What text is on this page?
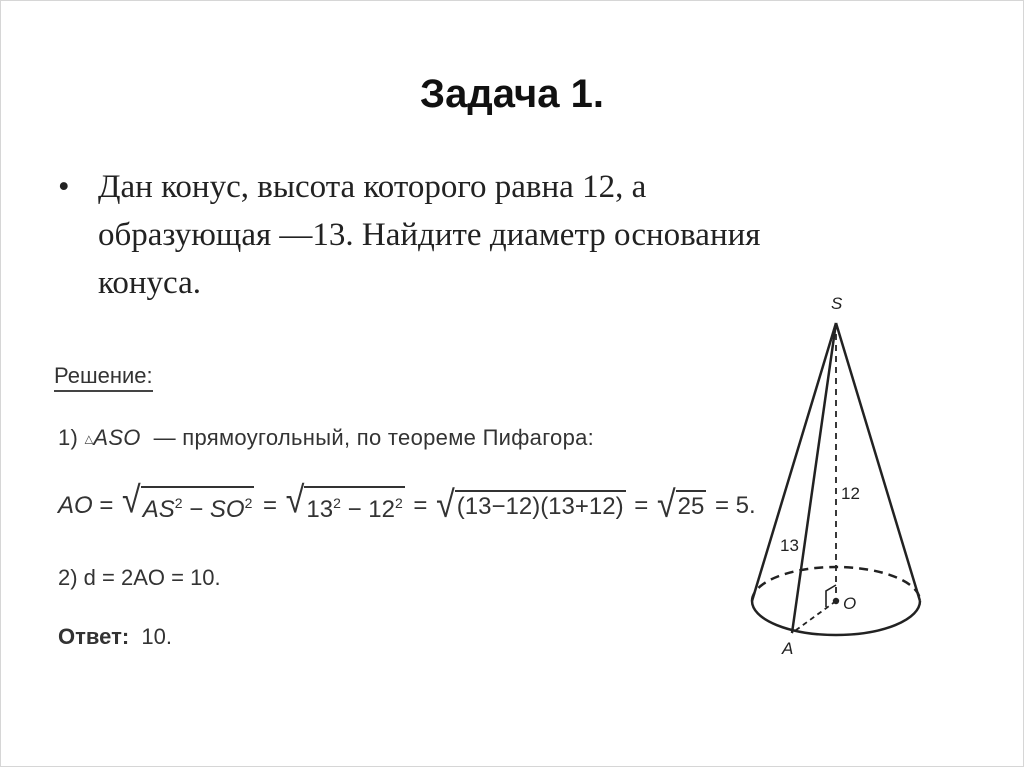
Задача 1.
• Дан конус, высота которого равна 12, а
образующая —13. Найдите диаметр основания
конуса.
Решение:
1) △ASO — прямоугольный, по теореме Пифагора:
AO = √ $AS^2 - SO^2$ = √ $13^2 - 12^2$ = √ (13−12)(13+12) = √ 25 = 5.
2) d = 2AO = 10.
Ответ: 10.
S
O
A
12
13
